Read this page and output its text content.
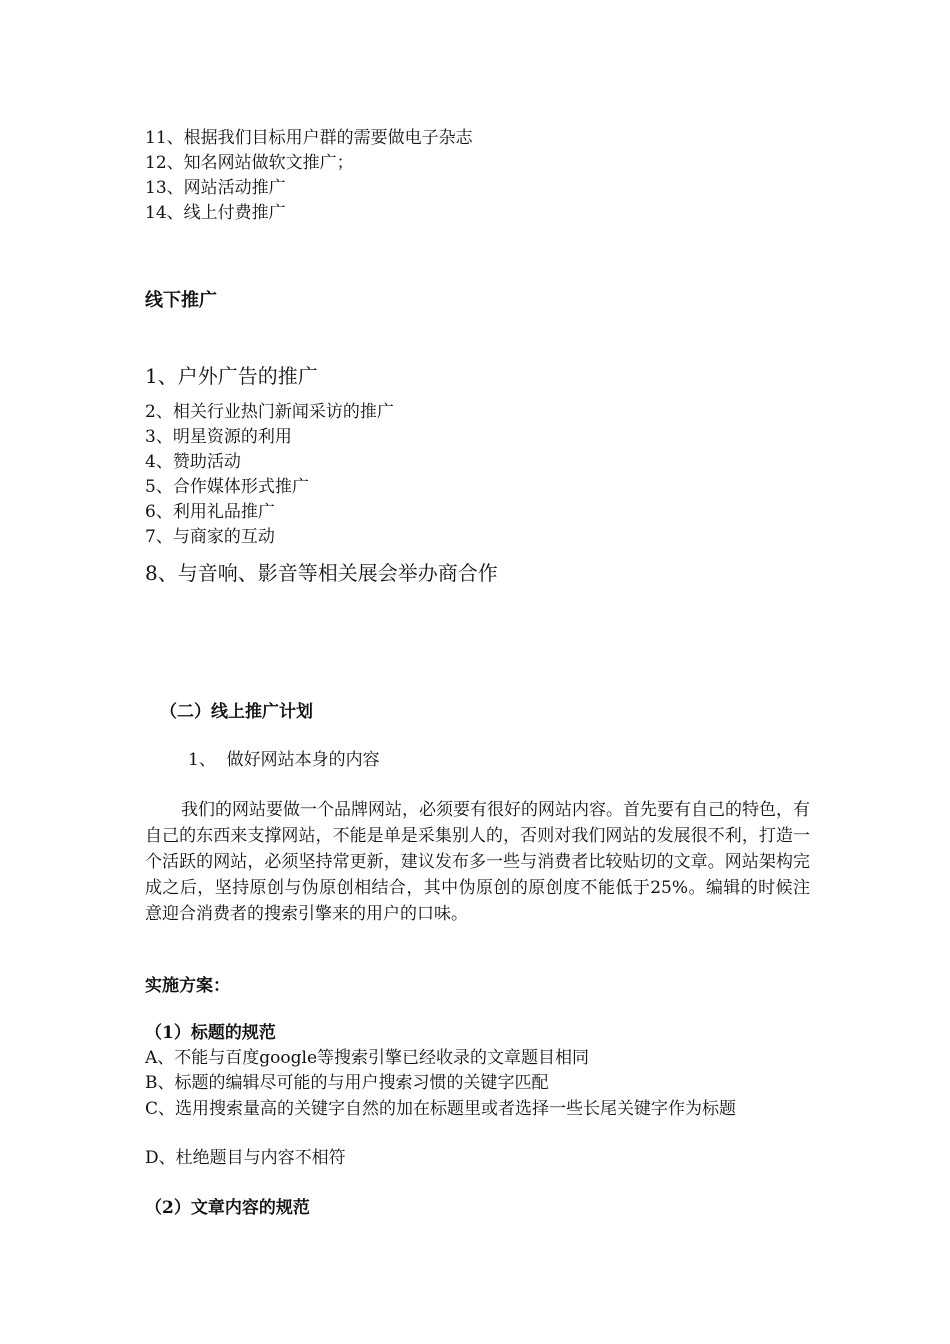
11、根据我们目标用户群的需要做电子杂志
12、知名网站做软文推广；
13、网站活动推广
14、线上付费推广
线下推广
1、户外广告的推广
2、相关行业热门新闻采访的推广
3、明星资源的利用
4、赞助活动
5、合作媒体形式推广
6、利用礼品推广
7、与商家的互动
8、与音响、影音等相关展会举办商合作
（二）线上推广计划
1、  做好网站本身的内容
我们的网站要做一个品牌网站，必须要有很好的网站内容。首先要有自己的特色，有自己的东西来支撑网站，不能是单是采集别人的，否则对我们网站的发展很不利，打造一个活跃的网站，必须坚持常更新，建议发布多一些与消费者比较贴切的文章。网站架构完成之后，坚持原创与伪原创相结合，其中伪原创的原创度不能低于25%。编辑的时候注意迎合消费者的搜索引擎来的用户的口味。
实施方案：
（1）标题的规范
A、不能与百度google等搜索引擎已经收录的文章题目相同
B、标题的编辑尽可能的与用户搜索习惯的关键字匹配
C、选用搜索量高的关键字自然的加在标题里或者选择一些长尾关键字作为标题
D、杜绝题目与内容不相符
（2）文章内容的规范
